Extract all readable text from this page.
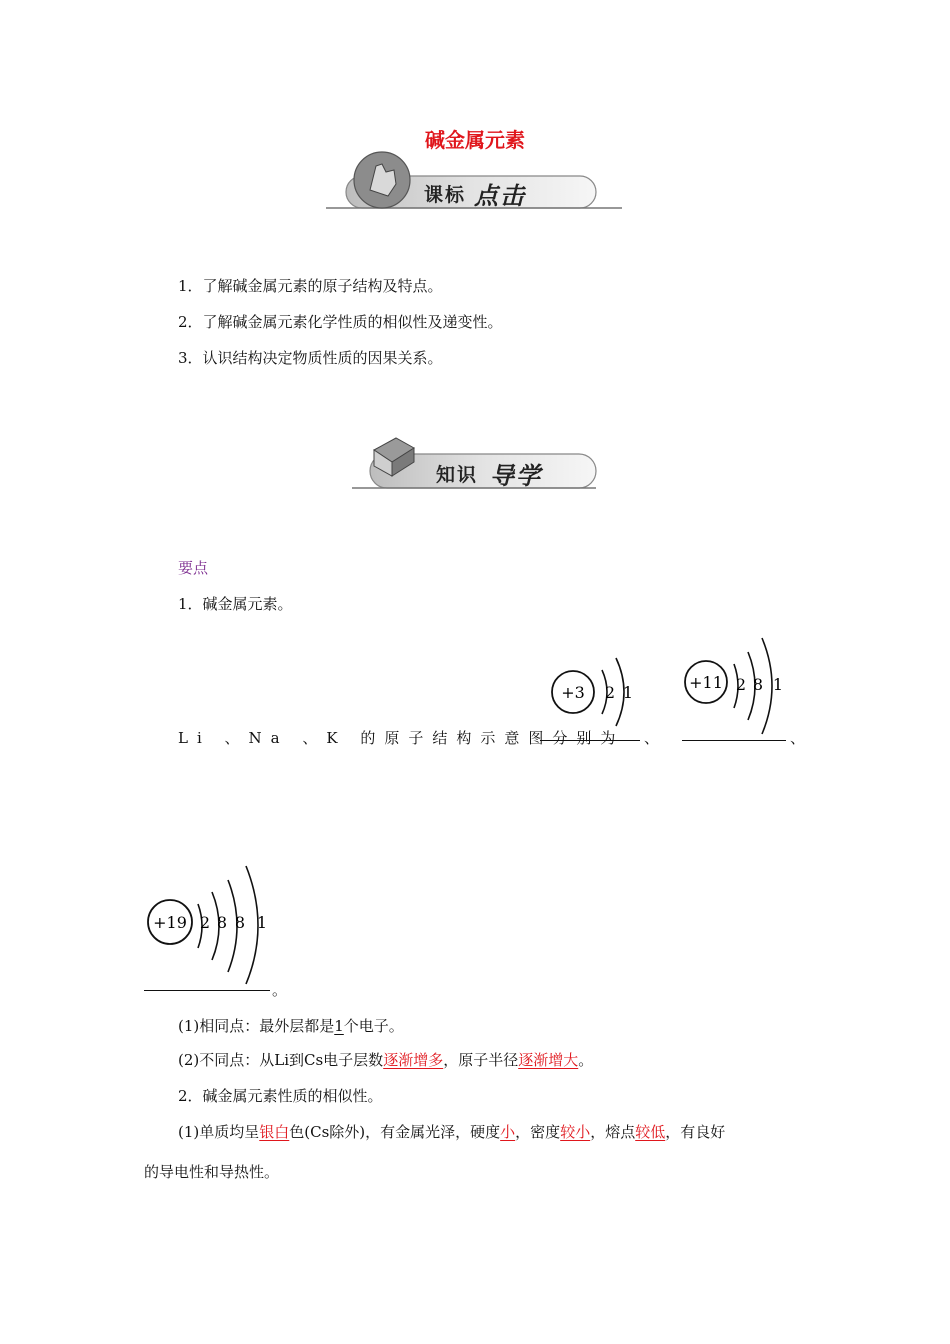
碱金属元素
课标 点击
1．了解碱金属元素的原子结构及特点。
2．了解碱金属元素化学性质的相似性及递变性。
3．认识结构决定物质性质的因果关系。
知识 导学
要点
1．碱金属元素。
+3 2 1
+11 2 8 1
Li 、Na 、K 的原子结构示意图分别为 、	、
+19 2 8 8 1
。
(1)相同点：最外层都是1个电子。
(2)不同点：从Li到Cs电子层数逐渐增多，原子半径逐渐增大。
2．碱金属元素性质的相似性。
(1)单质均呈银白色(Cs除外)，有金属光泽，硬度小，密度较小，熔点较低，有良好
的导电性和导热性。
